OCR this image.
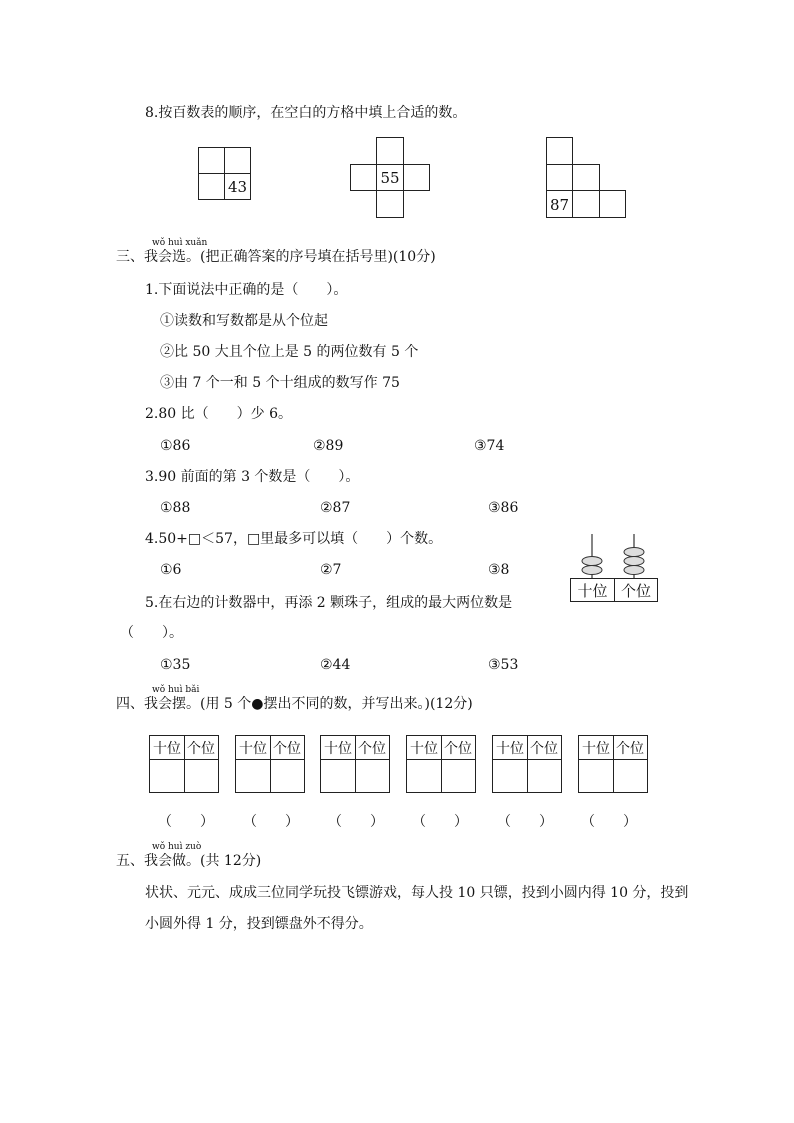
8.按百数表的顺序，在空白的方格中填上合适的数。
43	55
87
三、我会
wǒ huì xuǎn
选。(把正确答案的序号填在括号里)(10分)
1.下面说法中正确的是（　　）。
①读数和写数都是从个位起
②比 50 大且个位上是 5 的两位数有 5 个
③由 7 个一和 5 个十组成的数写作 75
2.80 比（　　）少 6。
①86	②89	③74
3.90 前面的第 3 个数是（　　）。
①88	②87	③86
4.50+□＜57，□里最多可以填（　　）个数。
①6	②7	③8
5.在右边的计数器中，再添 2 颗珠子，组成的最大两位数是
（　　）。
①35	②44	③53
十位 个位
四、我会
wǒ huì bǎi
摆。(用 5 个●摆出不同的数，并写出来。)(12分)
十位 个位 十位 个位 十位 个位 十位 个位 十位 个位 十位 个位
（　　） （　　） （　　） （　　） （　　） （　　）
五、我会
wǒ huì zuò
做。(共 12分)
状状、元元、成成三位同学玩投飞镖游戏，每人投 10 只镖，投到小圆内得 10 分，投到
小圆外得 1 分，投到镖盘外不得分。
